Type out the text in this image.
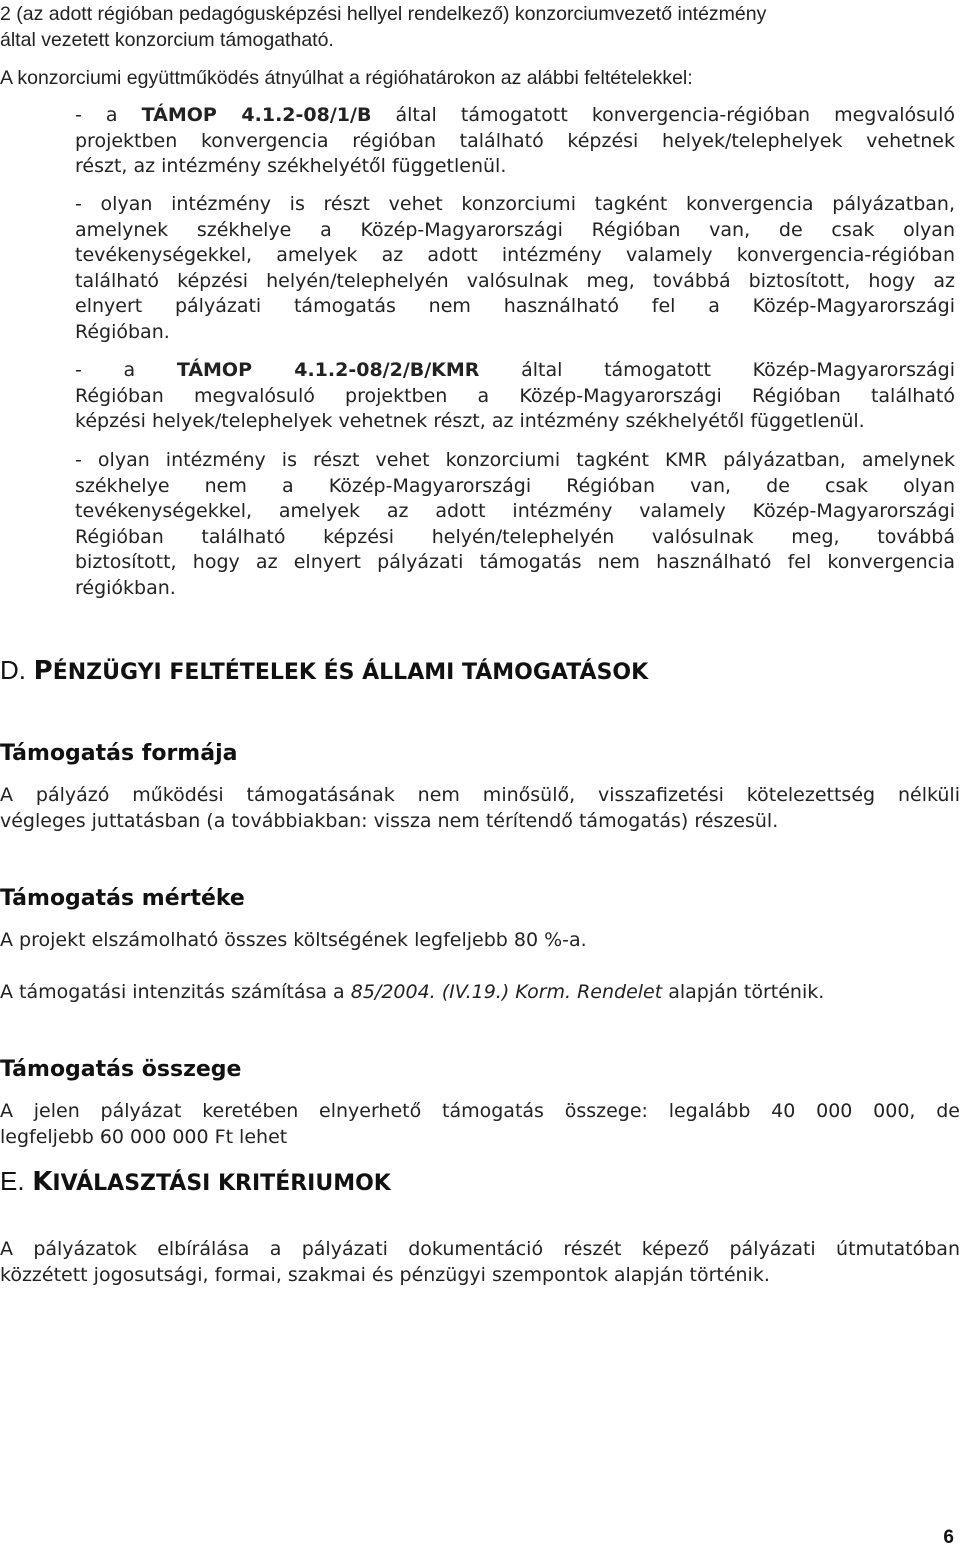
2 (az adott régióban pedagógusképzési hellyel rendelkező) konzorciumvezető intézmény

által vezetett konzorcium támogatható.

A konzorciumi együttműködés átnyúlhat a régióhatárokon az alábbi feltételekkel:

- a TÁMOP 4.1.2-08/1/B által támogatott konvergencia-régióban megvalósuló

projektben konvergencia régióban található képzési helyek/telephelyek vehetnek

részt, az intézmény székhelyétől függetlenül.

- olyan intézmény is részt vehet konzorciumi tagként konvergencia pályázatban,

amelynek székhelye a Közép-Magyarországi Régióban van, de csak olyan

tevékenységekkel, amelyek az adott intézmény valamely konvergencia-régióban

található képzési helyén/telephelyén valósulnak meg, továbbá biztosított, hogy az

elnyert pályázati támogatás nem használható fel a Közép-Magyarországi

Régióban.

- a TÁMOP 4.1.2-08/2/B/KMR által támogatott Közép-Magyarországi

Régióban megvalósuló projektben a Közép-Magyarországi Régióban található

képzési helyek/telephelyek vehetnek részt, az intézmény székhelyétől függetlenül.

- olyan intézmény is részt vehet konzorciumi tagként KMR pályázatban, amelynek

székhelye nem a Közép-Magyarországi Régióban van, de csak olyan

tevékenységekkel, amelyek az adott intézmény valamely Közép-Magyarországi

Régióban található képzési helyén/telephelyén valósulnak meg, továbbá

biztosított, hogy az elnyert pályázati támogatás nem használható fel konvergencia

régiókban.

D. PÉNZÜGYI FELTÉTELEK ÉS ÁLLAMI TÁMOGATÁSOK
Támogatás formája

A pályázó működési támogatásának nem minősülő, visszafizetési kötelezettség nélküli

végleges juttatásban (a továbbiakban: vissza nem térítendő támogatás) részesül.

Támogatás mértéke

A projekt elszámolható összes költségének legfeljebb 80 %-a.

A támogatási intenzitás számítása a 85/2004. (IV.19.) Korm. Rendelet alapján történik.

Támogatás összege

A jelen pályázat keretében elnyerhető támogatás összege: legalább 40 000 000, de

legfeljebb 60 000 000 Ft lehet

E. KIVÁLASZTÁSI KRITÉRIUMOK

A pályázatok elbírálása a pályázati dokumentáció részét képező pályázati útmutatóban

közzétett jogosutsági, formai, szakmai és pénzügyi szempontok alapján történik.

6
